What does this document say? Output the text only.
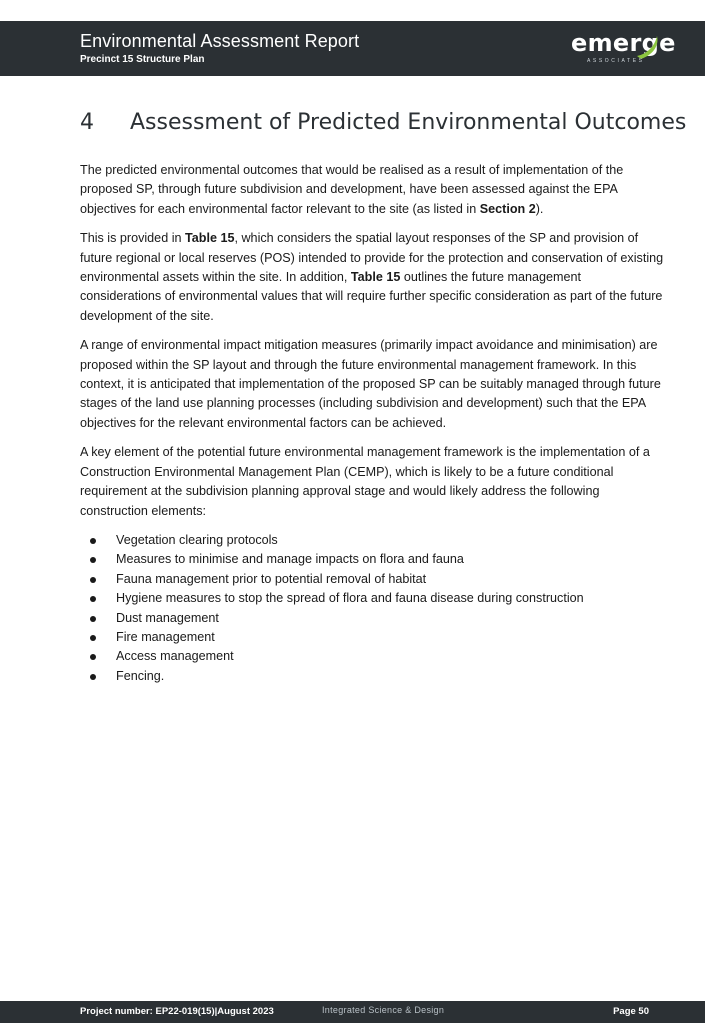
Environmental Assessment Report
Precinct 15 Structure Plan
emerge
ASSOCIATES
4 Assessment of Predicted Environmental Outcomes

The predicted environmental outcomes that would be realised as a result of implementation of the proposed SP, through future subdivision and development, have been assessed against the EPA objectives for each environmental factor relevant to the site (as listed in Section 2).

This is provided in Table 15, which considers the spatial layout responses of the SP and provision of future regional or local reserves (POS) intended to provide for the protection and conservation of existing environmental assets within the site. In addition, Table 15 outlines the future management considerations of environmental values that will require further specific consideration as part of the future development of the site.

A range of environmental impact mitigation measures (primarily impact avoidance and minimisation) are proposed within the SP layout and through the future environmental management framework. In this context, it is anticipated that implementation of the proposed SP can be suitably managed through future stages of the land use planning processes (including subdivision and development) such that the EPA objectives for the relevant environmental factors can be achieved.

A key element of the potential future environmental management framework is the implementation of a Construction Environmental Management Plan (CEMP), which is likely to be a future conditional requirement at the subdivision planning approval stage and would likely address the following construction elements:

Vegetation clearing protocols
Measures to minimise and manage impacts on flora and fauna
Fauna management prior to potential removal of habitat
Hygiene measures to stop the spread of flora and fauna disease during construction
Dust management
Fire management
Access management
Fencing.
Project number: EP22-019(15)|August 2023	Integrated Science & Design	Page 50
